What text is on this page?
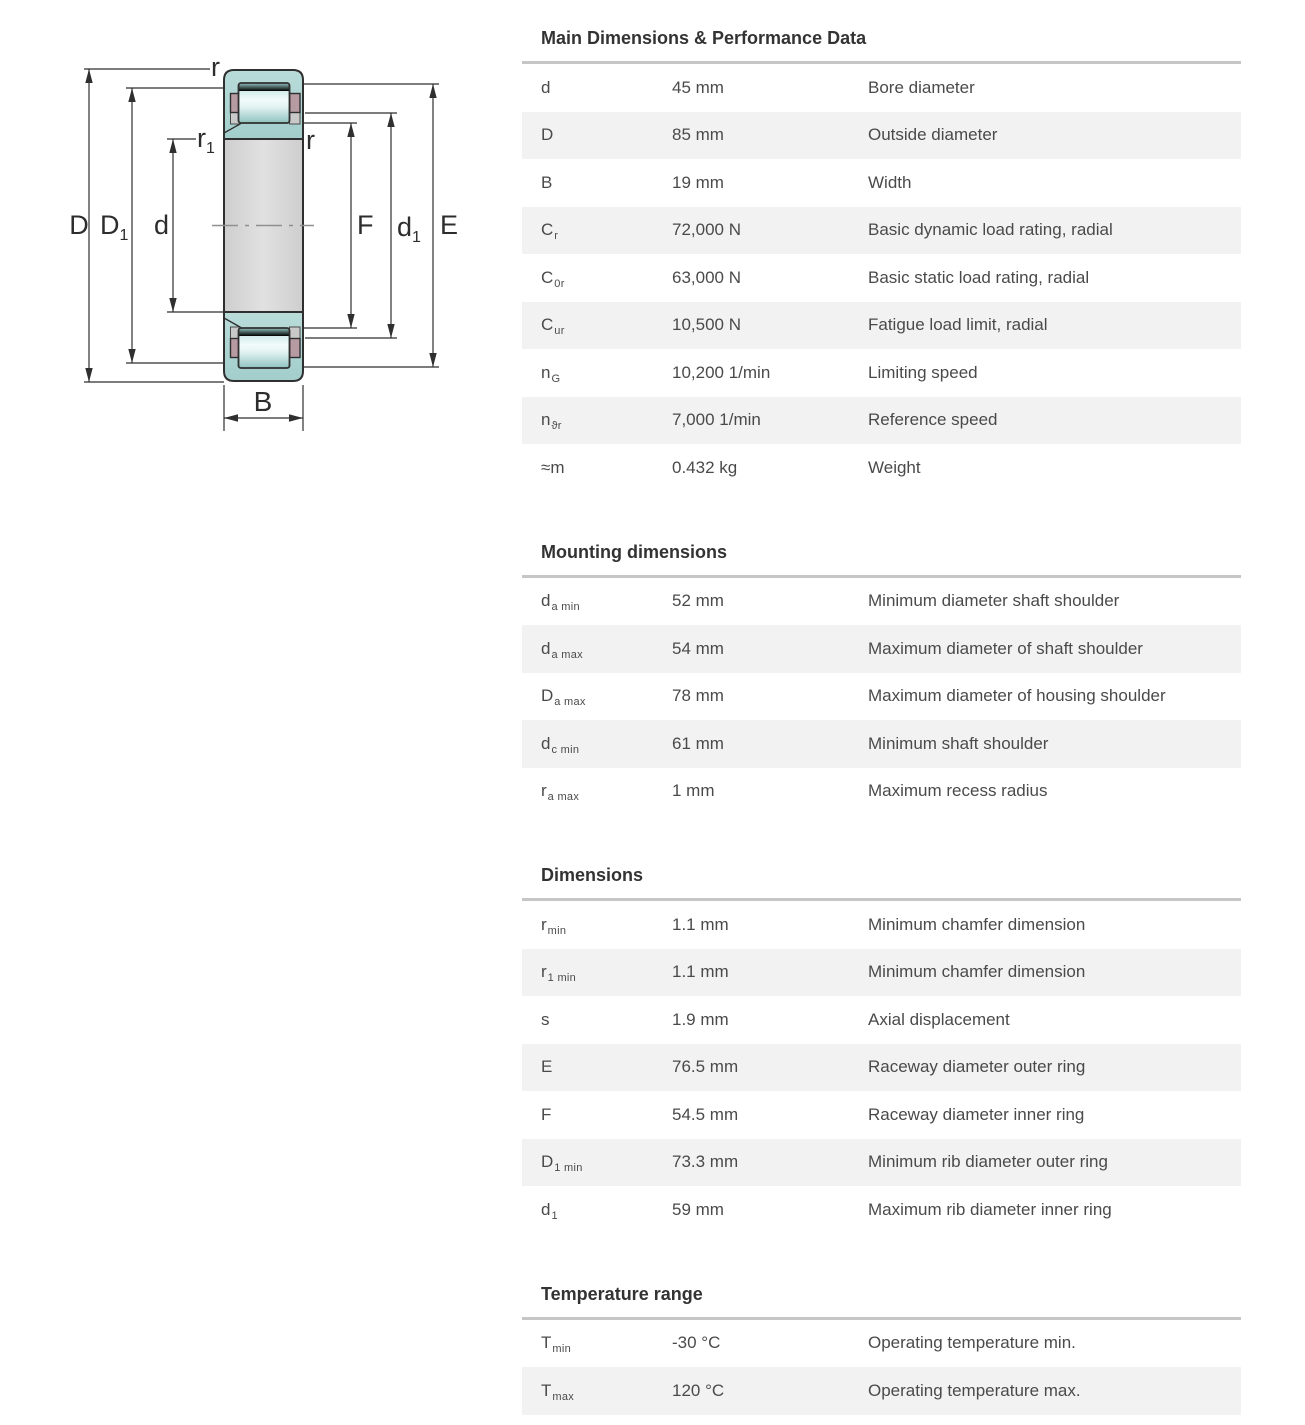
D $D_1$ d
r
$r_1$	r
F $d_1$ E
B
Main Dimensions & Performance Data
d	45 mm	Bore diameter
D	85 mm	Outside diameter
B	19 mm	Width
$C_r$	72,000 N	Basic dynamic load rating, radial
$C_{0r}$	63,000 N	Basic static load rating, radial
$C_{ur}$	10,500 N	Fatigue load limit, radial
$n_G$	10,200 1/min	Limiting speed
$n_{ϑr}$	7,000 1/min	Reference speed
≈m	0.432 kg	Weight
Mounting dimensions
$d_{a min}$	52 mm	Minimum diameter shaft shoulder
$d_{a max}$	54 mm	Maximum diameter of shaft shoulder
$D_{a max}$	78 mm	Maximum diameter of housing shoulder
$d_{c min}$	61 mm	Minimum shaft shoulder
$r_{a max}$	1 mm	Maximum recess radius
Dimensions
$r_{min}$	1.1 mm	Minimum chamfer dimension
$r_{1 min}$	1.1 mm	Minimum chamfer dimension
s	1.9 mm	Axial displacement
E	76.5 mm	Raceway diameter outer ring
F	54.5 mm	Raceway diameter inner ring
$D_{1 min}$	73.3 mm	Minimum rib diameter outer ring
$d_1$	59 mm	Maximum rib diameter inner ring
Temperature range
$T_{min}$	-30 °C	Operating temperature min.
$T_{max}$	120 °C	Operating temperature max.
